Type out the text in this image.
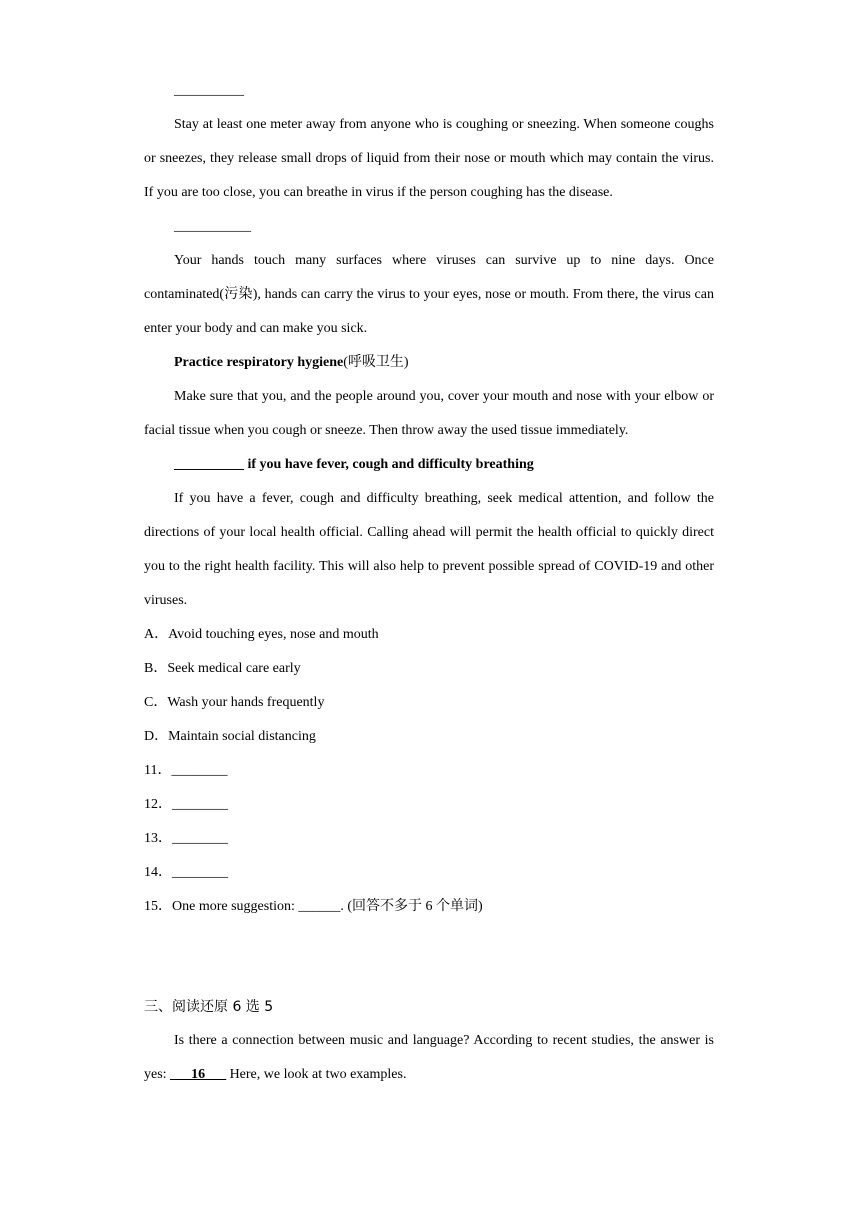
__________
Stay at least one meter away from anyone who is coughing or sneezing. When someone coughs or sneezes, they release small drops of liquid from their nose or mouth which may contain the virus. If you are too close, you can breathe in virus if the person coughing has the disease.
___________
Your hands touch many surfaces where viruses can survive up to nine days. Once contaminated(污染), hands can carry the virus to your eyes, nose or mouth. From there, the virus can enter your body and can make you sick.
Practice respiratory hygiene(呼吸卫生)
Make sure that you, and the people around you, cover your mouth and nose with your elbow or facial tissue when you cough or sneeze. Then throw away the used tissue immediately.
__________ if you have fever, cough and difficulty breathing
If you have a fever, cough and difficulty breathing, seek medical attention, and follow the directions of your local health official. Calling ahead will permit the health official to quickly direct you to the right health facility. This will also help to prevent possible spread of COVID-19 and other viruses.
A．Avoid touching eyes, nose and mouth
B．Seek medical care early
C．Wash your hands frequently
D．Maintain social distancing
11．________
12．________
13．________
14．________
15．One more suggestion: ______. (回答不多于 6 个单词)
三、阅读还原 6 选 5
Is there a connection between music and language? According to recent studies, the answer is yes: ___16___ Here, we look at two examples.
